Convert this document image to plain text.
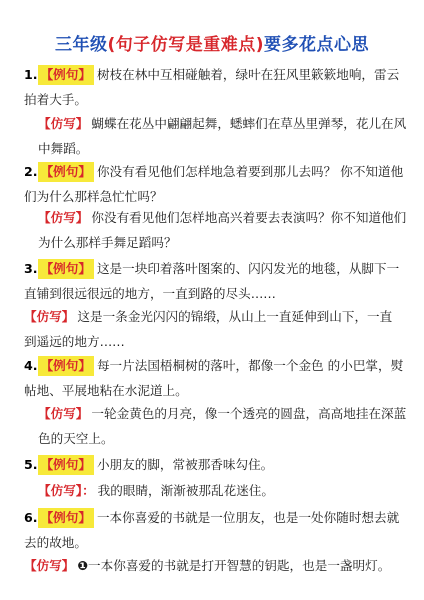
三年级(句子仿写是重难点)要多花点心思
1. 【例句】 树枝在林中互相碰触着，绿叶在狂风里簌簌地响，雷云拍着大手。
【仿写】 蝴蝶在花丛中翩翩起舞，蟋蟀们在草丛里弹琴，花儿在风中舞蹈。
2. 【例句】 你没有看见他们怎样地急着要到那儿去吗？ 你不知道他们为什么那样急忙忙吗？
【仿写】 你没有看见他们怎样地高兴着要去表演吗？你不知道他们为什么那样手舞足蹈吗？
3. 【例句】 这是一块印着落叶图案的、闪闪发光的地毯，从脚下一直铺到很远很远的地方，一直到路的尽头……
【仿写】 这是一条金光闪闪的锦缎，从山上一直延伸到山下，一直到遥远的地方……
4. 【例句】 每一片法国梧桐树的落叶，都像一个金色 的小巴掌，熨帖地、平展地粘在水泥道上。
【仿写】 一轮金黄色的月亮，像一个透亮的圆盘，高高地挂在深蓝色的天空上。
5. 【例句】 小朋友的脚，常被那香味勾住。
【仿写】： 我的眼睛，渐渐被那乱花迷住。
6. 【例句】 一本你喜爱的书就是一位朋友，也是一处你随时想去就去的故地。
【仿写】 ❶一本你喜爱的书就是打开智慧的钥匙，也是一盏明灯。
